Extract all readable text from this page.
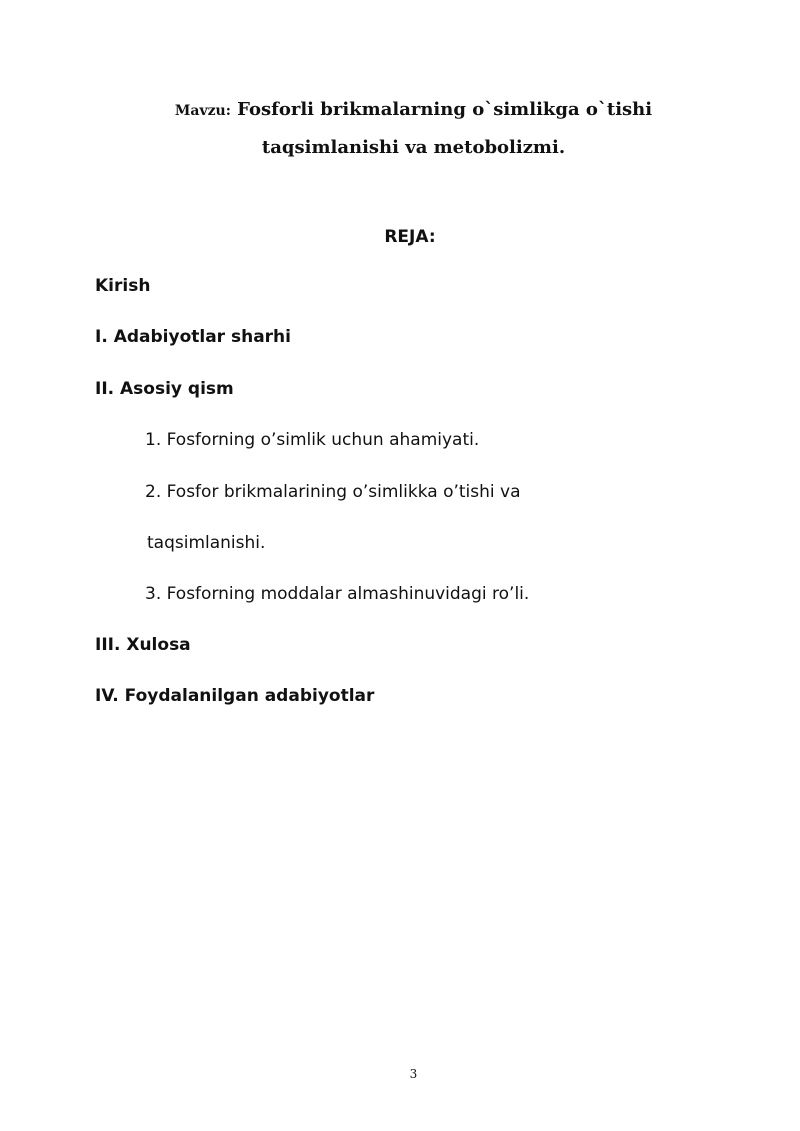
Mavzu: Fosforli brikmalarning o`simlikga o`tishi
taqsimlanishi va metobolizmi.
REJA:
Kirish
I. Adabiyotlar sharhi
II. Asosiy qism
1. Fosforning o’simlik uchun ahamiyati.
2. Fosfor brikmalarining o’simlikka o’tishi va
taqsimlanishi.
3. Fosforning moddalar almashinuvidagi ro’li.
III. Xulosa
IV. Foydalanilgan adabiyotlar
3
